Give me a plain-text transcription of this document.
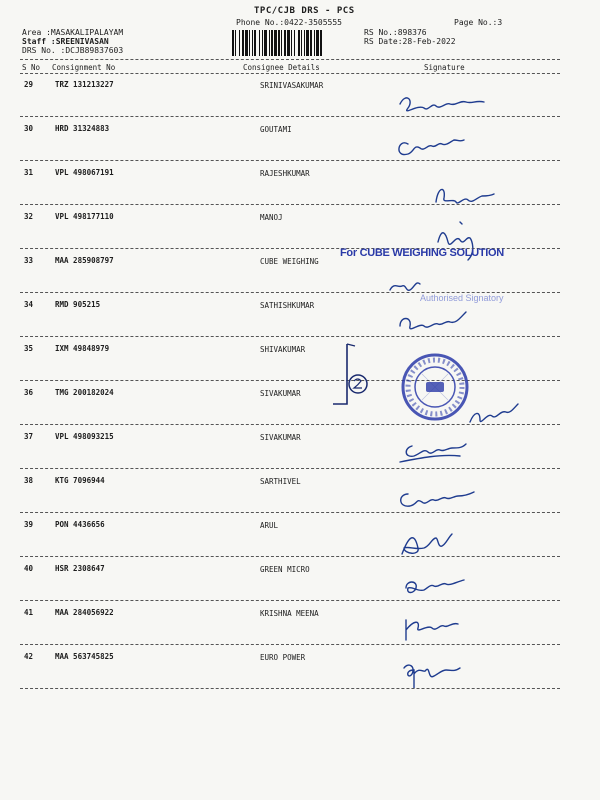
TPC/CJB DRS - PCS
Phone No.:0422-3505555	Page No.:3
Area :MASAKALIPALAYAM
Staff :SREENIVASAN
DRS No. :DCJB89837603
RS No.:898376
RS Date:28-Feb-2022
S No Consignment No	Consignee Details	Signature
29	TRZ 131213227	SRINIVASAKUMAR
30	HRD 31324883	GOUTAMI
31	VPL 498067191	RAJESHKUMAR
32	VPL 498177110	MANOJ
33	MAA 285908797	CUBE WEIGHING
34	RMD 905215	SATHISHKUMAR
35	IXM 49848979	SHIVAKUMAR
36	TMG 200182024	SIVAKUMAR
37	VPL 498093215	SIVAKUMAR
38	KTG 7096944	SARTHIVEL
39	PON 4436656	ARUL
40	HSR 2308647	GREEN MICRO
41	MAA 284056922	KRISHNA MEENA
42	MAA 563745825	EURO POWER
For CUBE WEIGHING SOLUTION
Authorised Signatory
